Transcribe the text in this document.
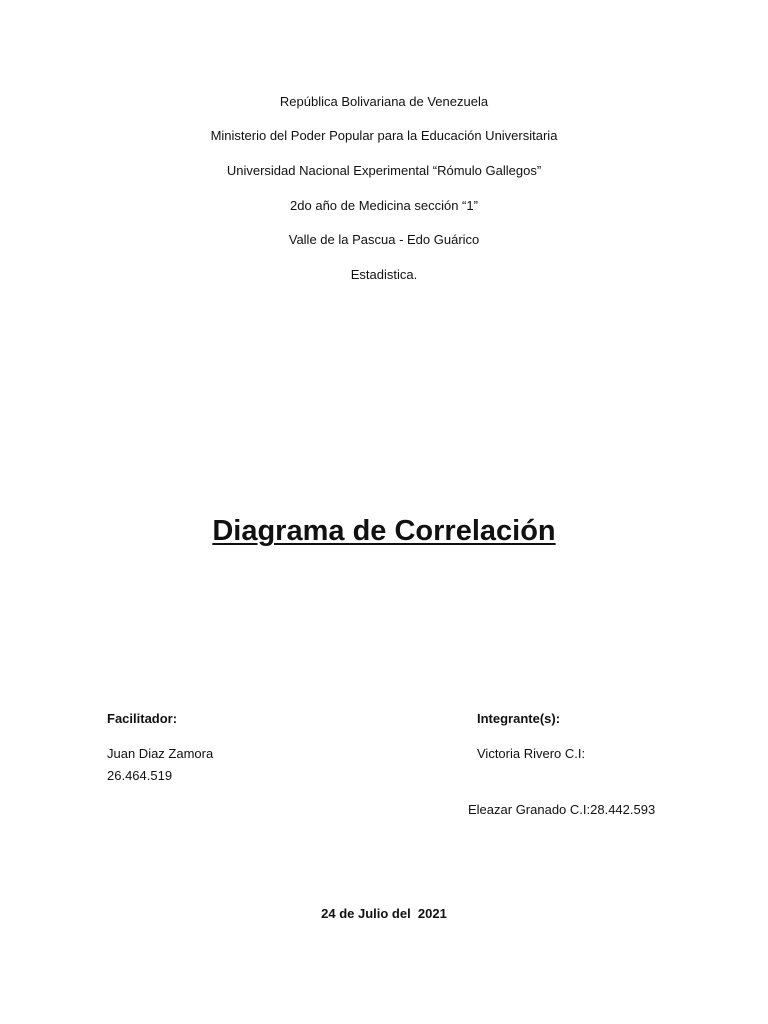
República Bolivariana de Venezuela
Ministerio del Poder Popular para la Educación Universitaria
Universidad Nacional Experimental “Rómulo Gallegos”
2do año de Medicina sección “1”
Valle de la Pascua - Edo Guárico
Estadistica.
Diagrama de Correlación
Facilitador:
Juan Diaz Zamora
26.464.519
Integrante(s):
Victoria Rivero C.I:
Eleazar Granado C.I:28.442.593
24 de Julio del  2021
